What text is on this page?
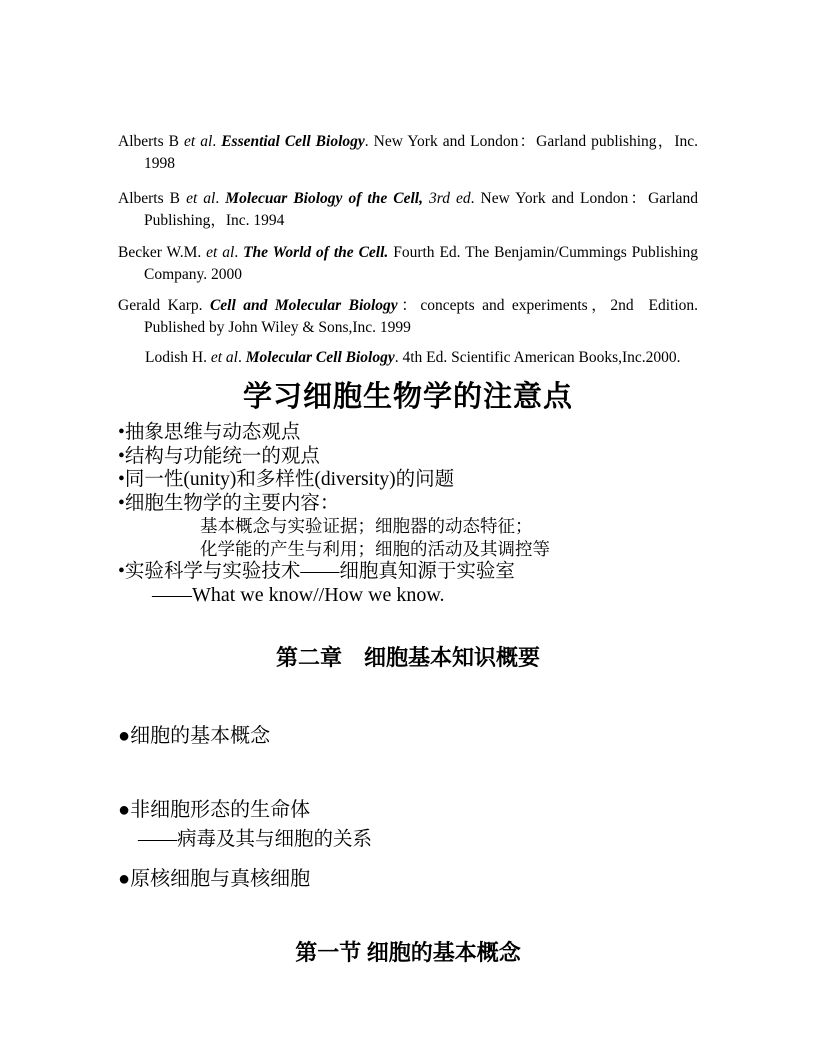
Alberts B et al. Essential Cell Biology. New York and London：Garland publishing，Inc. 1998

Alberts B et al. Molecuar Biology of the Cell, 3rd ed. New York and London：Garland Publishing，Inc. 1994

Becker W.M. et al. The World of the Cell. Fourth Ed. The Benjamin/Cummings Publishing Company. 2000

Gerald Karp. Cell and Molecular Biology：concepts and experiments，2nd  Edition. Published by John Wiley & Sons,Inc. 1999

Lodish H. et al. Molecular Cell Biology. 4th Ed. Scientific American Books,Inc.2000.

学习细胞生物学的注意点
•抽象思维与动态观点
•结构与功能统一的观点
•同一性(unity)和多样性(diversity)的问题
•细胞生物学的主要内容：
基本概念与实验证据；细胞器的动态特征；
化学能的产生与利用；细胞的活动及其调控等
•实验科学与实验技术——细胞真知源于实验室
——What we know//How we know.
第二章　细胞基本知识概要
●细胞的基本概念
●非细胞形态的生命体
——病毒及其与细胞的关系
●原核细胞与真核细胞
第一节 细胞的基本概念
